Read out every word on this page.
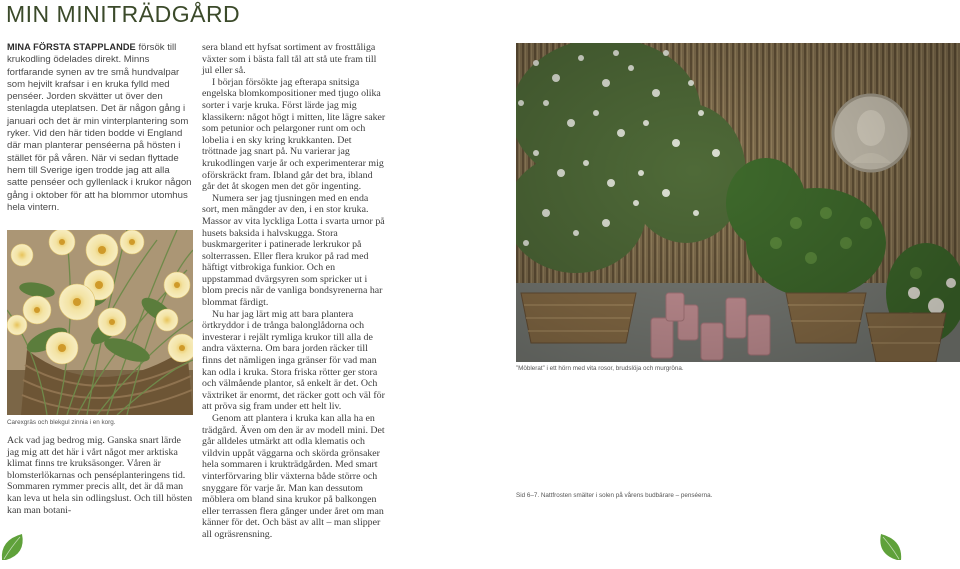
MIN MINITRÄDGÅRD

MINA FÖRSTA STAPPLANDE försök till krukodling ödelades direkt. Minns fortfarande synen av tre små hundvalpar som hejvilt krafsar i en kruka fylld med penséer. Jorden skvätter ut över den stenlagda uteplatsen. Det är någon gång i januari och det är min vinterplantering som ryker. Vid den här tiden bodde vi England där man planterar penséerna på hösten i stället för på våren. När vi sedan flyttade hem till Sverige igen trodde jag att alla satte penséer och gyllenlack i krukor någon gång i oktober för att ha blommor utomhus hela vintern.

Carexgräs och blekgul zinnia i en korg.

Ack vad jag bedrog mig. Ganska snart lärde jag mig att det här i vårt något mer arktiska klimat finns tre kruksäsonger. Våren är blomsterlökarnas och penséplanteringens tid. Sommaren rymmer precis allt, det är då man kan leva ut hela sin odlingslust. Och till hösten kan man botani-

sera bland ett hyfsat sortiment av frosttåliga växter som i bästa fall tål att stå ute fram till jul eller så.

I början försökte jag efterapa snitsiga engelska blomkompositioner med tjugo olika sorter i varje kruka. Först lärde jag mig klassikern: något högt i mitten, lite lägre saker som petunior och pelargoner runt om och lobelia i en sky kring krukkanten. Det tröttnade jag snart på. Nu varierar jag krukodlingen varje år och experimenterar mig oförskräckt fram. Ibland går det bra, ibland går det åt skogen men det gör ingenting.

Numera ser jag tjusningen med en enda sort, men mängder av den, i en stor kruka. Massor av vita lyckliga Lotta i svarta urnor på husets baksida i halvskugga. Stora buskmargeriter i patinerade lerkrukor på solterrassen. Eller flera krukor på rad med häftigt vitbrokiga funkior. Och en uppstammad dvärgsyren som spricker ut i blom precis när de vanliga bondsyrenerna har blommat färdigt.

Nu har jag lärt mig att bara plantera örtkryddor i de trånga balonglådorna och investerar i rejält rymliga krukor till alla de andra växterna. Om bara jorden räcker till finns det nämligen inga gränser för vad man kan odla i kruka. Stora friska rötter ger stora och välmående plantor, så enkelt är det. Och växtriket är enormt, det räcker gott och väl för att pröva sig fram under ett helt liv.

Genom att plantera i kruka kan alla ha en trädgård. Även om den är av modell mini. Det går alldeles utmärkt att odla klematis och vildvin uppåt väggarna och skörda grönsaker hela sommaren i krukträdgården. Med smart vinterförvaring blir växterna både större och snyggare för varje år. Man kan dessutom möblera om bland sina krukor på balkongen eller terrassen flera gånger under året om man känner för det. Och bäst av allt – man slipper all ogräsrensning.

”Möblerat” i ett hörn med vita rosor, brudslöja och murgröna.
Sid 6–7. Nattfrosten smälter i solen på vårens budbärare – penséerna.
4	5
